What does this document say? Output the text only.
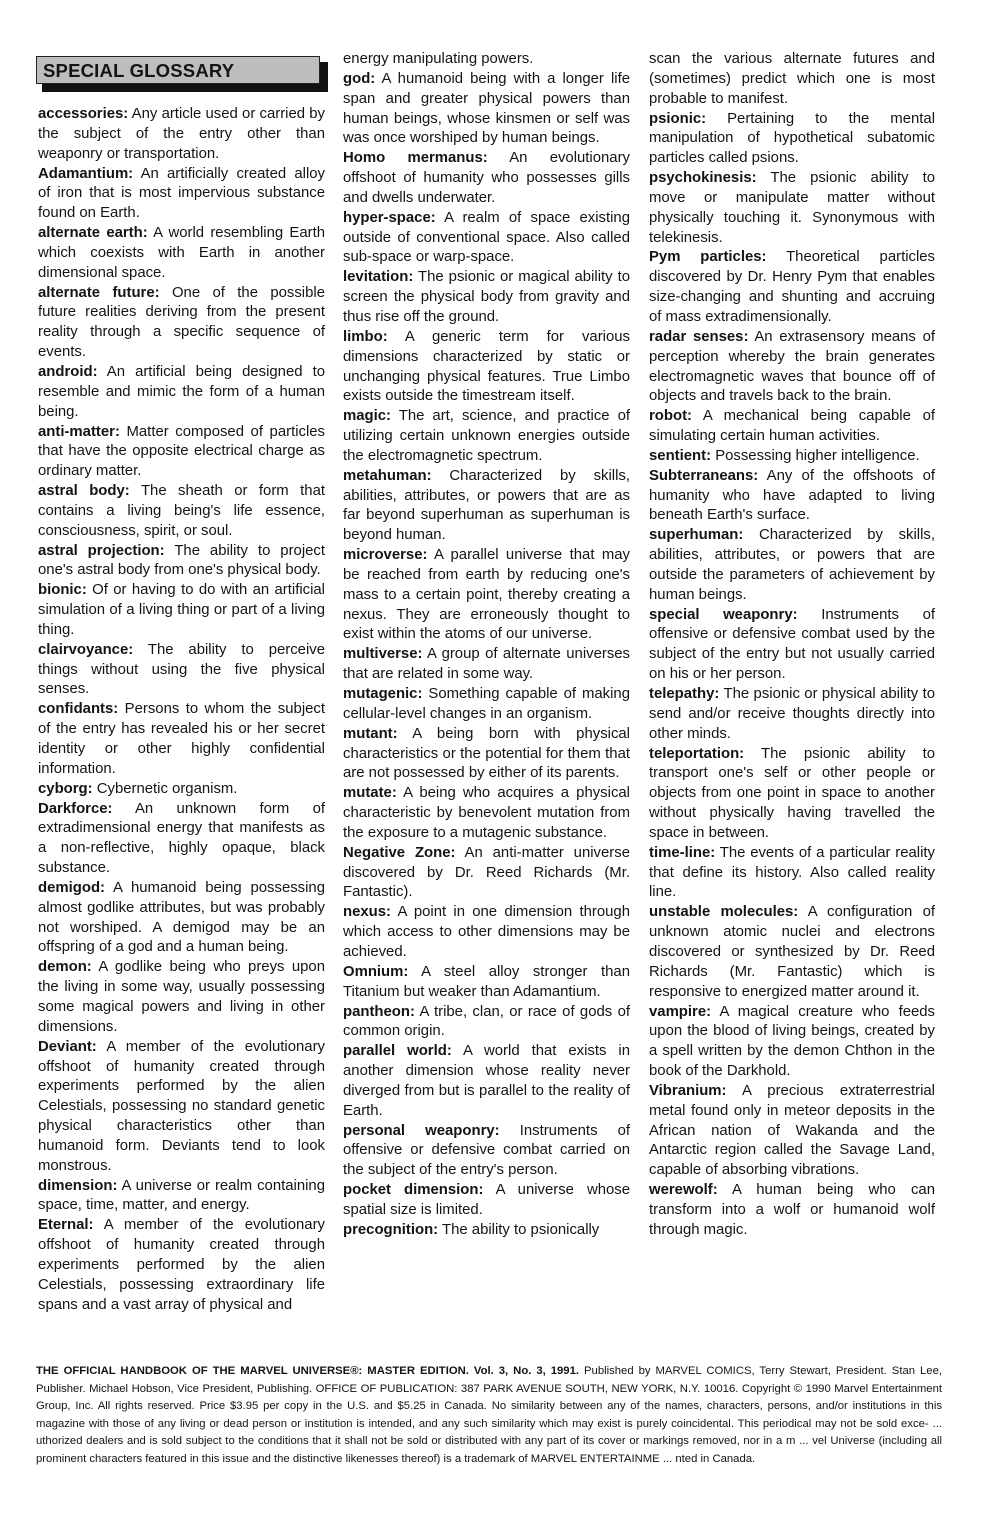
SPECIAL GLOSSARY

accessories: Any article used or carried by the subject of the entry other than weaponry or transportation.

Adamantium: An artificially created alloy of iron that is most impervious substance found on Earth.

alternate earth: A world resembling Earth which coexists with Earth in another dimensional space.

alternate future: One of the possible future realities deriving from the present reality through a specific sequence of events.

android: An artificial being designed to resemble and mimic the form of a human being.

anti-matter: Matter composed of particles that have the opposite electrical charge as ordinary matter.

astral body: The sheath or form that contains a living being's life essence, consciousness, spirit, or soul.

astral projection: The ability to project one's astral body from one's physical body.

bionic: Of or having to do with an artificial simulation of a living thing or part of a living thing.

clairvoyance: The ability to perceive things without using the five physical senses.

confidants: Persons to whom the subject of the entry has revealed his or her secret identity or other highly confidential information.

cyborg: Cybernetic organism.

Darkforce: An unknown form of extradimensional energy that manifests as a non-reflective, highly opaque, black substance.

demigod: A humanoid being possessing almost godlike attributes, but was probably not worshiped. A demigod may be an offspring of a god and a human being.

demon: A godlike being who preys upon the living in some way, usually possessing some magical powers and living in other dimensions.

Deviant: A member of the evolutionary offshoot of humanity created through experiments performed by the alien Celestials, possessing no standard genetic physical characteristics other than humanoid form. Deviants tend to look monstrous.

dimension: A universe or realm containing space, time, matter, and energy.

Eternal: A member of the evolutionary offshoot of humanity created through experiments performed by the alien Celestials, possessing extraordinary life spans and a vast array of physical and

energy manipulating powers.

god: A humanoid being with a longer life span and greater physical powers than human beings, whose kinsmen or self was was once worshiped by human beings.

Homo mermanus: An evolutionary offshoot of humanity who possesses gills and dwells underwater.

hyper-space: A realm of space existing outside of conventional space. Also called sub-space or warp-space.

levitation: The psionic or magical ability to screen the physical body from gravity and thus rise off the ground.

limbo: A generic term for various dimensions characterized by static or unchanging physical features. True Limbo exists outside the timestream itself.

magic: The art, science, and practice of utilizing certain unknown energies outside the electromagnetic spectrum.

metahuman: Characterized by skills, abilities, attributes, or powers that are as far beyond superhuman as superhuman is beyond human.

microverse: A parallel universe that may be reached from earth by reducing one's mass to a certain point, thereby creating a nexus. They are erroneously thought to exist within the atoms of our universe.

multiverse: A group of alternate universes that are related in some way.

mutagenic: Something capable of making cellular-level changes in an organism.

mutant: A being born with physical characteristics or the potential for them that are not possessed by either of its parents.

mutate: A being who acquires a physical characteristic by benevolent mutation from the exposure to a mutagenic substance.

Negative Zone: An anti-matter universe discovered by Dr. Reed Richards (Mr. Fantastic).

nexus: A point in one dimension through which access to other dimensions may be achieved.

Omnium: A steel alloy stronger than Titanium but weaker than Adamantium.

pantheon: A tribe, clan, or race of gods of common origin.

parallel world: A world that exists in another dimension whose reality never diverged from but is parallel to the reality of Earth.

personal weaponry: Instruments of offensive or defensive combat carried on the subject of the entry's person.

pocket dimension: A universe whose spatial size is limited.

precognition: The ability to psionically

scan the various alternate futures and (sometimes) predict which one is most probable to manifest.

psionic: Pertaining to the mental manipulation of hypothetical subatomic particles called psions.

psychokinesis: The psionic ability to move or manipulate matter without physically touching it. Synonymous with telekinesis.

Pym particles: Theoretical particles discovered by Dr. Henry Pym that enables size-changing and shunting and accruing of mass extradimensionally.

radar senses: An extrasensory means of perception whereby the brain generates electromagnetic waves that bounce off of objects and travels back to the brain.

robot: A mechanical being capable of simulating certain human activities.

sentient: Possessing higher intelligence.

Subterraneans: Any of the offshoots of humanity who have adapted to living beneath Earth's surface.

superhuman: Characterized by skills, abilities, attributes, or powers that are outside the parameters of achievement by human beings.

special weaponry: Instruments of offensive or defensive combat used by the subject of the entry but not usually carried on his or her person.

telepathy: The psionic or physical ability to send and/or receive thoughts directly into other minds.

teleportation: The psionic ability to transport one's self or other people or objects from one point in space to another without physically having travelled the space in between.

time-line: The events of a particular reality that define its history. Also called reality line.

unstable molecules: A configuration of unknown atomic nuclei and electrons discovered or synthesized by Dr. Reed Richards (Mr. Fantastic) which is responsive to energized matter around it.

vampire: A magical creature who feeds upon the blood of living beings, created by a spell written by the demon Chthon in the book of the Darkhold.

Vibranium: A precious extraterrestrial metal found only in meteor deposits in the African nation of Wakanda and the Antarctic region called the Savage Land, capable of absorbing vibrations.

werewolf: A human being who can transform into a wolf or humanoid wolf through magic.

THE OFFICIAL HANDBOOK OF THE MARVEL UNIVERSE®: MASTER EDITION. Vol. 3, No. 3, 1991. Published by MARVEL COMICS, Terry Stewart, President. Stan Lee, Publisher. Michael Hobson, Vice President, Publishing. OFFICE OF PUBLICATION: 387 PARK AVENUE SOUTH, NEW YORK, N.Y. 10016. Copyright © 1990 Marvel Entertainment Group, Inc. All rights reserved. Price $3.95 per copy in the U.S. and $5.25 in Canada. No similarity between any of the names, characters, persons, and/or institutions in this magazine with those of any living or dead person or institution is intended, and any such similarity which may exist is purely coincidental. This periodical may not be sold exce- ... uthorized dealers and is sold subject to the conditions that it shall not be sold or distributed with any part of its cover or markings removed, nor in a m ... vel Universe (including all prominent characters featured in this issue and the distinctive likenesses thereof) is a trademark of MARVEL ENTERTAINME ... nted in Canada.
